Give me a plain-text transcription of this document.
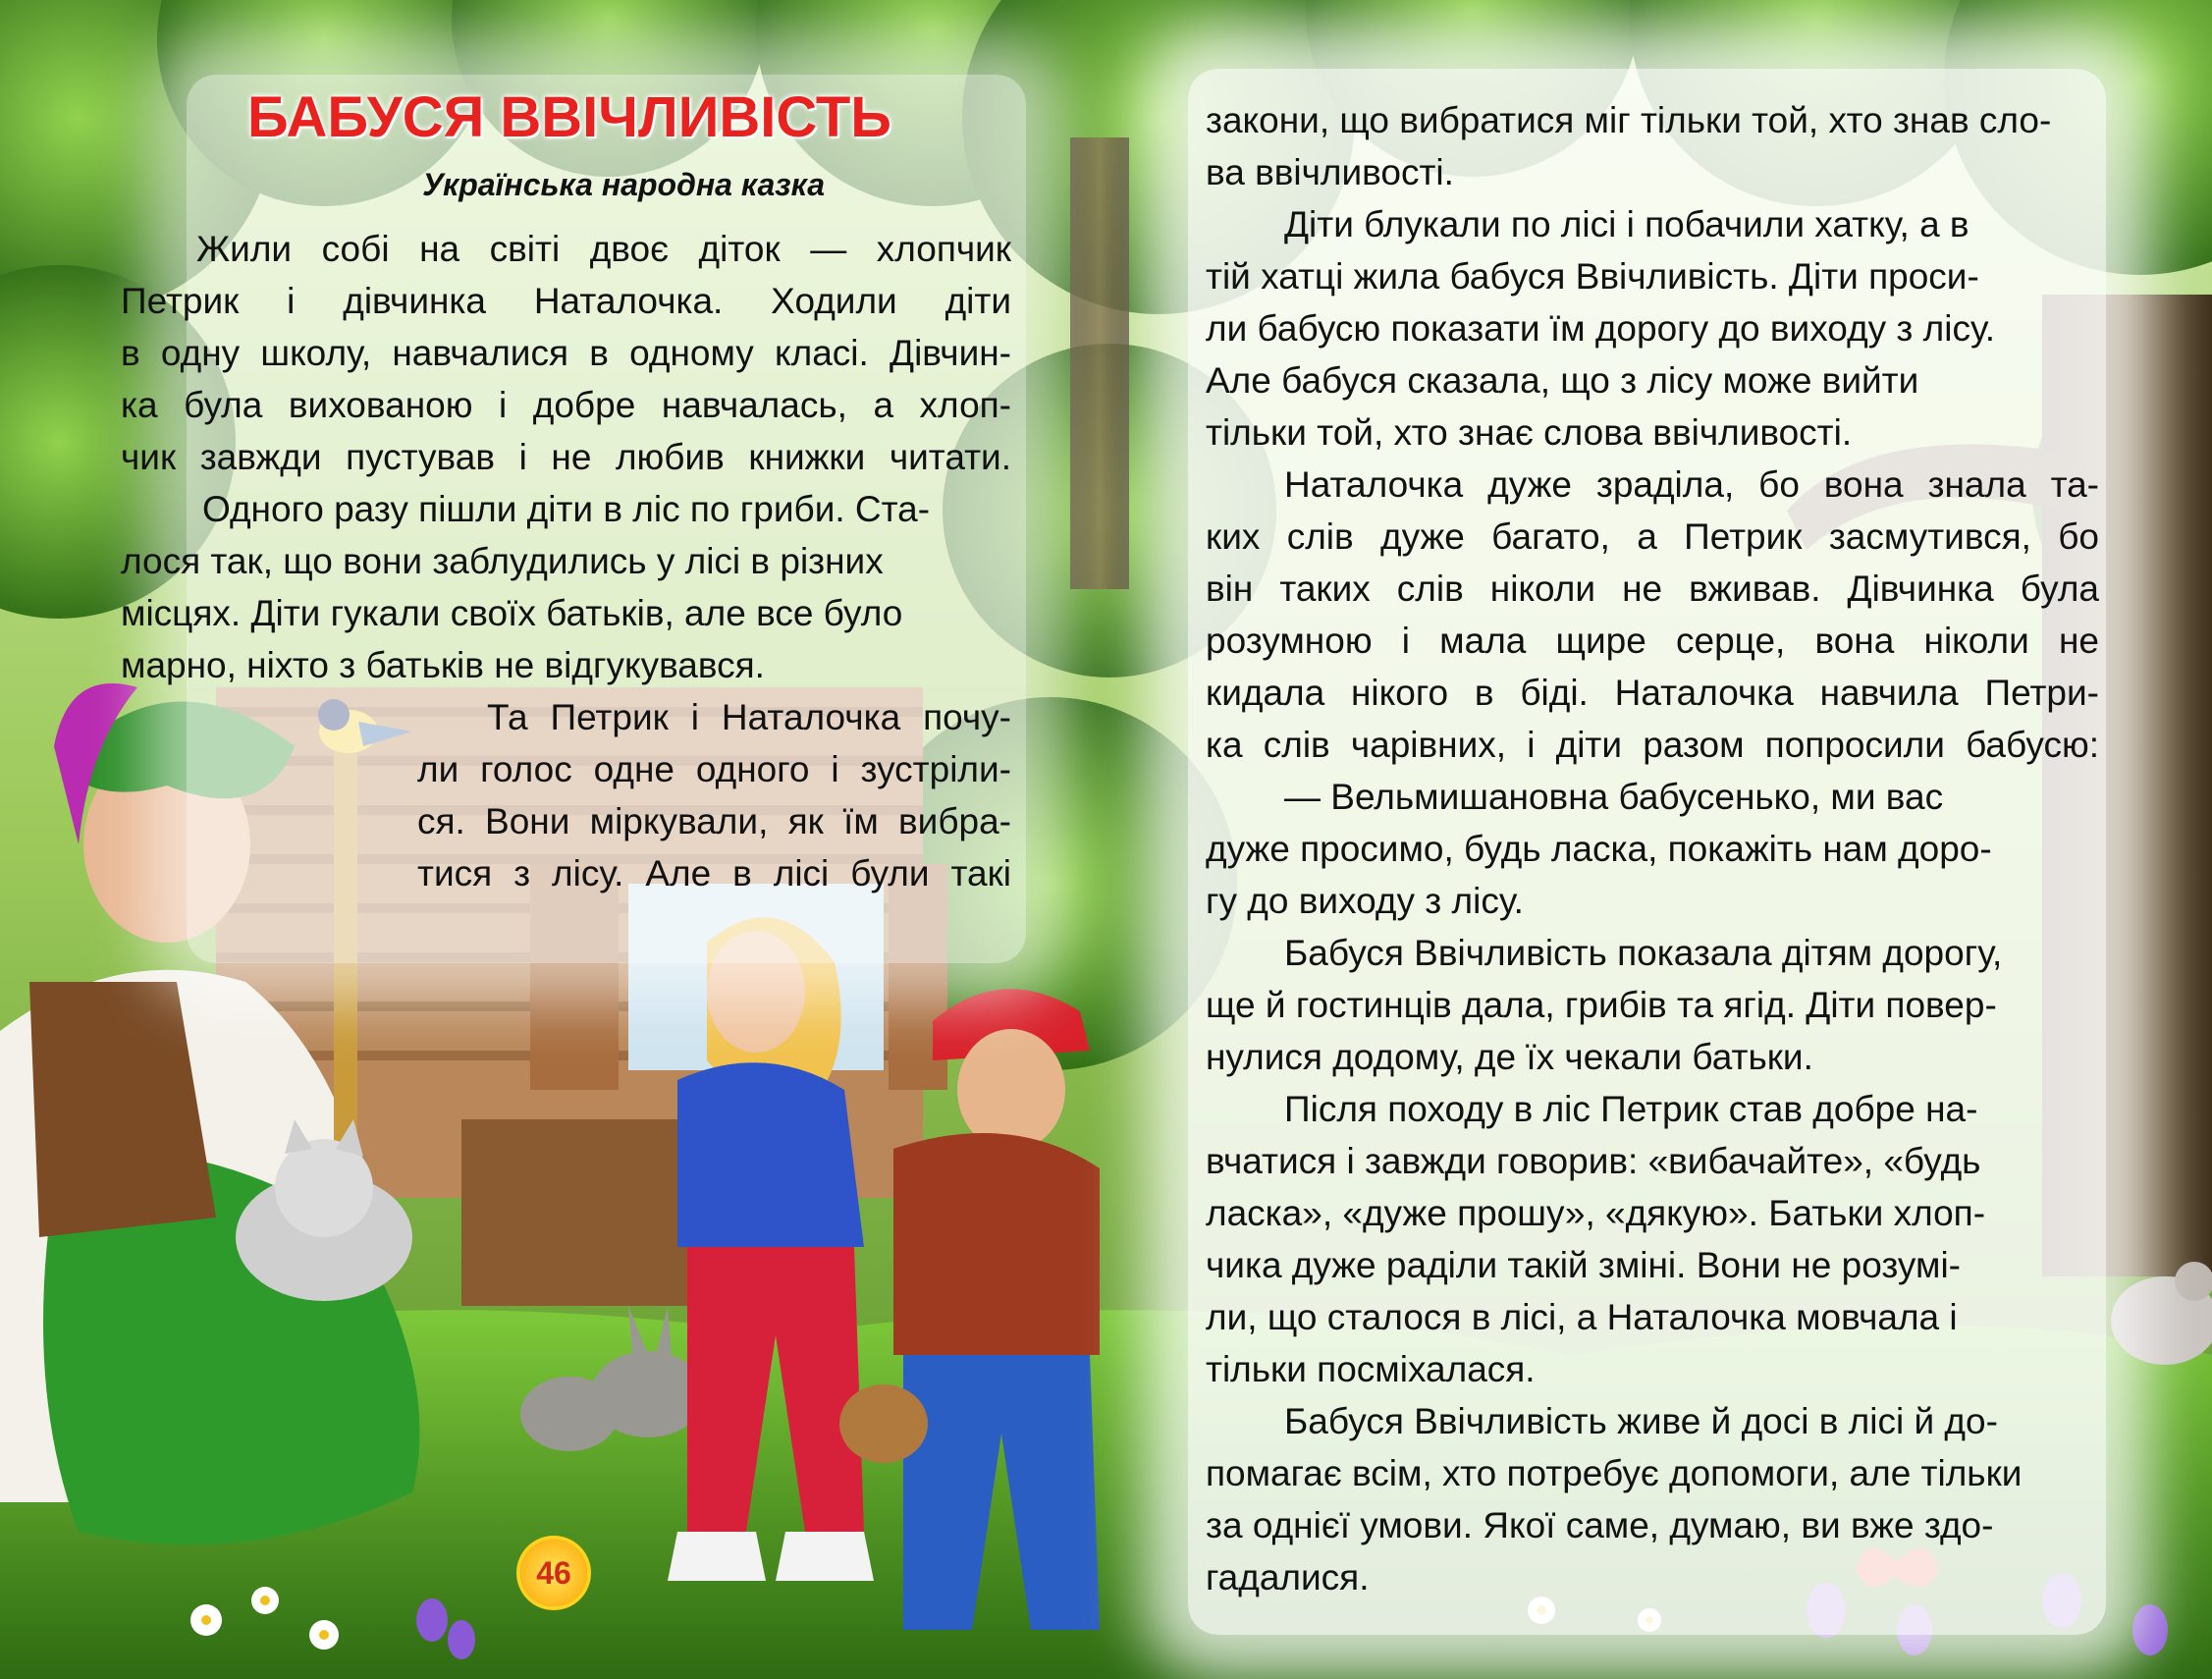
БАБУСЯ ВВІЧЛИВІСТЬ
Українська народна казка

Жили собі на світі двоє діток — хлопчик
Петрик і дівчинка Наталочка. Ходили діти
в одну школу, навчалися в одному класі. Дівчин-
ка була вихованою і добре навчалась, а хлоп-
чик завжди пустував і не любив книжки читати.

Одного разу пішли діти в ліс по гриби. Ста-
лося так, що вони заблудились у лісі в різних
місцях. Діти гукали своїх батьків, але все було
марно, ніхто з батьків не відгукувався.

Та Петрик і Наталочка почу-
ли голос одне одного і зустріли-
ся. Вони міркували, як їм вибра-
тися з лісу. Але в лісі були такі

закони, що вибратися міг тільки той, хто знав сло-
ва ввічливості.

Діти блукали по лісі і побачили хатку, а в
тій хатці жила бабуся Ввічливість. Діти проси-
ли бабусю показати їм дорогу до виходу з лісу.
Але бабуся сказала, що з лісу може вийти
тільки той, хто знає слова ввічливості.

Наталочка дуже зраділа, бо вона знала та-
ких слів дуже багато, а Петрик засмутився, бо
він таких слів ніколи не вживав. Дівчинка була
розумною і мала щире серце, вона ніколи не
кидала нікого в біді. Наталочка навчила Петри-
ка слів чарівних, і діти разом попросили бабусю:

— Вельмишановна бабусенько, ми вас
дуже просимо, будь ласка, покажіть нам доро-
гу до виходу з лісу.

Бабуся Ввічливість показала дітям дорогу,
ще й гостинців дала, грибів та ягід. Діти повер-
нулися додому, де їх чекали батьки.

Після походу в ліс Петрик став добре на-
вчатися і завжди говорив: «вибачайте», «будь
ласка», «дуже прошу», «дякую». Батьки хлоп-
чика дуже раділи такій зміні. Вони не розумі-
ли, що сталося в лісі, а Наталочка мовчала і
тільки посміхалася.

Бабуся Ввічливість живе й досі в лісі й до-
помагає всім, хто потребує допомоги, але тільки
за однієї умови. Якої саме, думаю, ви вже здо-
гадалися.

46
